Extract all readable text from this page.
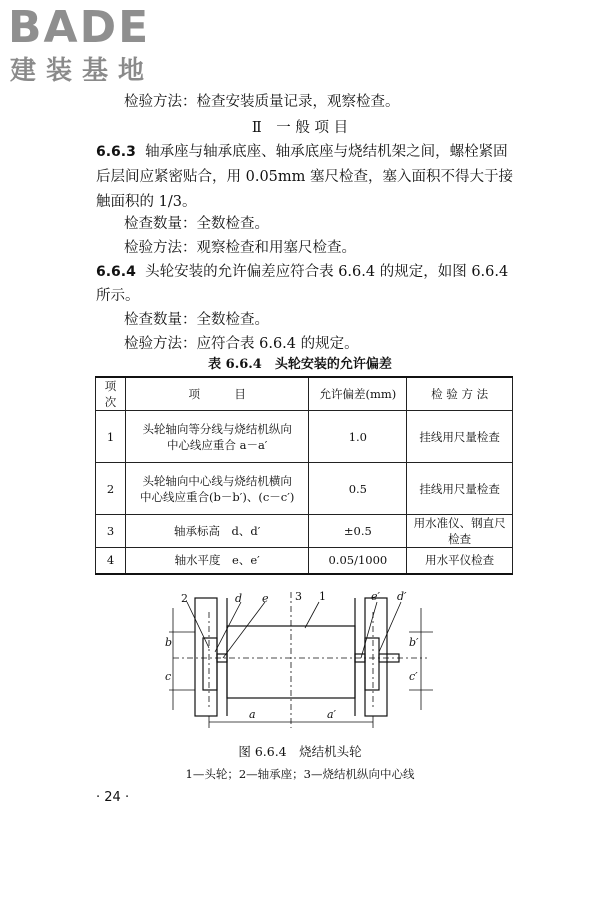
BADE
建装基地
检验方法：检查安装质量记录，观察检查。
Ⅱ　一 般 项 目
6.6.3 轴承座与轴承底座、轴承底座与烧结机架之间，螺栓紧固
后层间应紧密贴合，用 0.05mm 塞尺检查，塞入面积不得大于接
触面积的 1/3。
检查数量：全数检查。
检验方法：观察检查和用塞尺检查。
6.6.4 头轮安装的允许偏差应符合表 6.6.4 的规定，如图 6.6.4
所示。
检查数量：全数检查。
检验方法：应符合表 6.6.4 的规定。
表 6.6.4　头轮安装的允许偏差
项次	项　　　目	允许偏差(mm)	检 验 方 法
1	头轮轴向等分线与烧结机纵向
中心线应重合 a－a′	1.0	挂线用尺量检查
2	头轮轴向中心线与烧结机横向
中心线应重合(b－b′)、(c－c′)	0.5	挂线用尺量检查
3	轴承标高　d、d′	±0.5	用水准仪、钢直尺检查
4	轴水平度　e、e′	0.05/1000	用水平仪检查
2	d e 3 1	e′ d′
b
c
b′
c′
a	a′
图 6.6.4　烧结机头轮
1—头轮；2—轴承座；3—烧结机纵向中心线
· 24 ·
